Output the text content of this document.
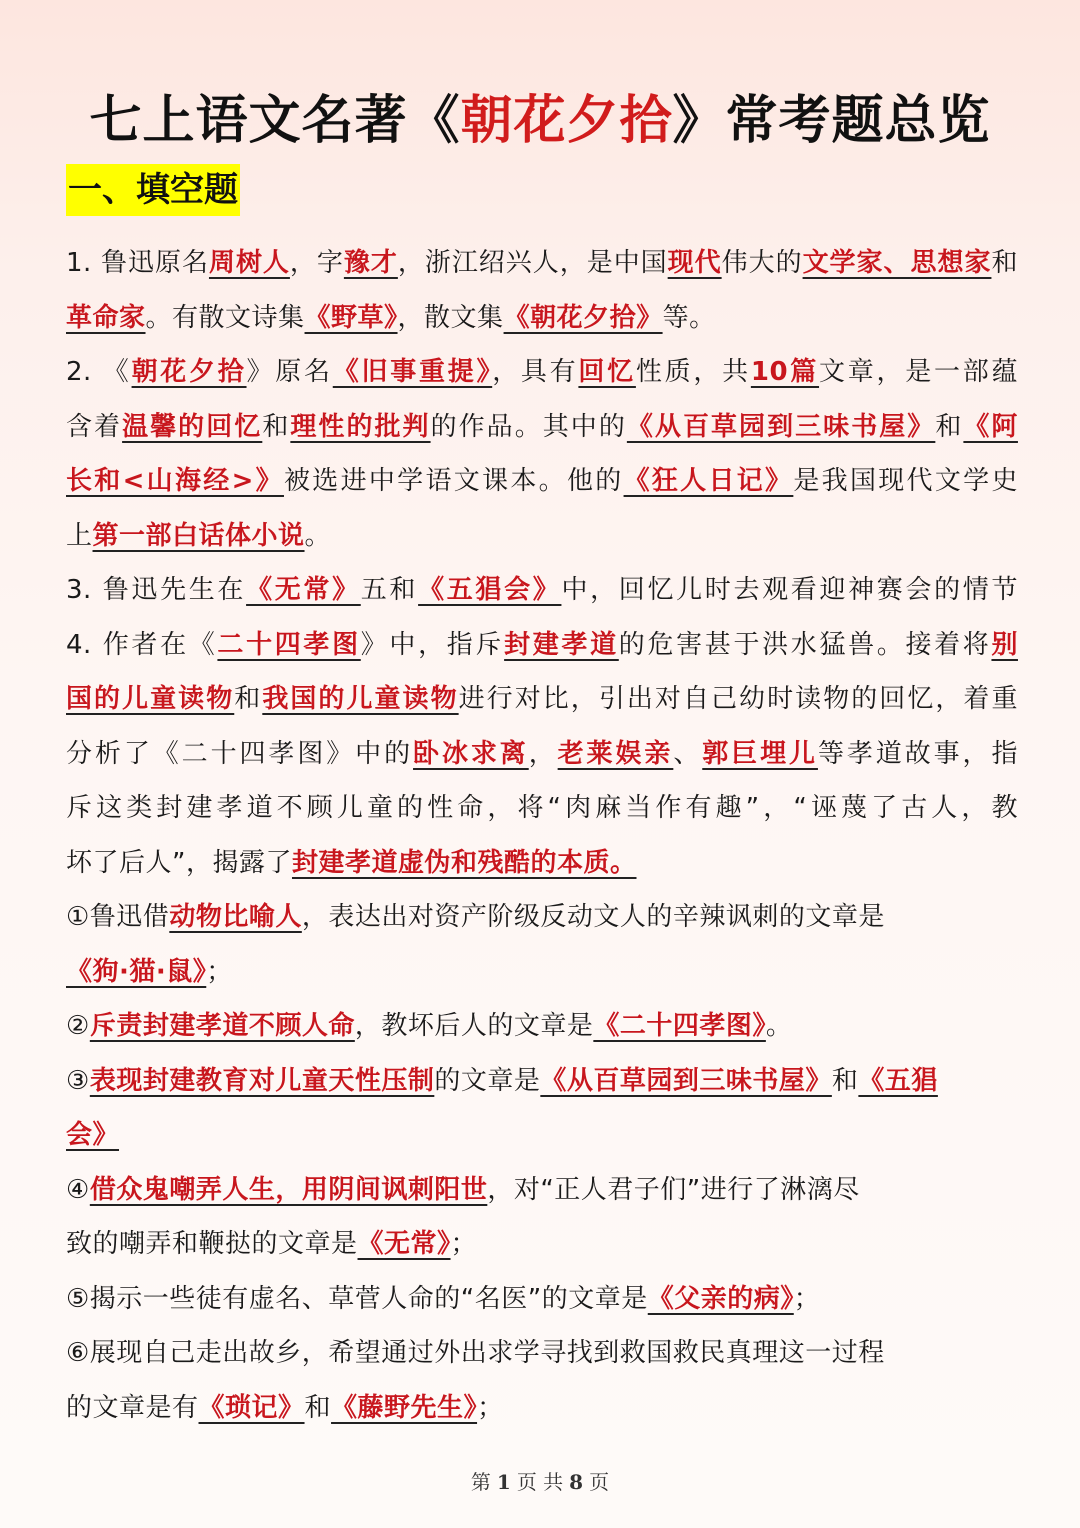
七上语文名著《朝花夕拾》常考题总览
一、填空题
1. 鲁迅原名周树人，字豫才，浙江绍兴人，是中国现代伟大的文学家、思想家和
革命家。有散文诗集《野草》，散文集《朝花夕拾》等。
2. 《朝花夕拾》原名《旧事重提》，具有回忆性质，共10篇文章，是一部蕴
含着温馨的回忆和理性的批判的作品。其中的《从百草园到三味书屋》和《阿
长和<山海经>》被选进中学语文课本。他的《狂人日记》是我国现代文学史
上第一部白话体小说。
3. 鲁迅先生在《无常》五和《五猖会》中，回忆儿时去观看迎神赛会的情节
4. 作者在《二十四孝图》中，指斥封建孝道的危害甚于洪水猛兽。接着将别
国的儿童读物和我国的儿童读物进行对比，引出对自己幼时读物的回忆，着重
分析了《二十四孝图》中的卧冰求离，老莱娱亲、郭巨埋儿等孝道故事，指
斥这类封建孝道不顾儿童的性命，将“肉麻当作有趣”，“诬蔑了古人，教
坏了后人”，揭露了封建孝道虚伪和残酷的本质。
①鲁迅借动物比喻人，表达出对资产阶级反动文人的辛辣讽刺的文章是
《狗·猫·鼠》；
②斥责封建孝道不顾人命，教坏后人的文章是《二十四孝图》。
③表现封建教育对儿童天性压制的文章是《从百草园到三味书屋》和《五猖
会》
④借众鬼嘲弄人生，用阴间讽刺阳世，对“正人君子们”进行了淋漓尽
致的嘲弄和鞭挞的文章是《无常》；
⑤揭示一些徒有虚名、草菅人命的“名医”的文章是《父亲的病》；
⑥展现自己走出故乡，希望通过外出求学寻找到救国救民真理这一过程
的文章是有《琐记》和《藤野先生》；
第 1 页 共 8 页
